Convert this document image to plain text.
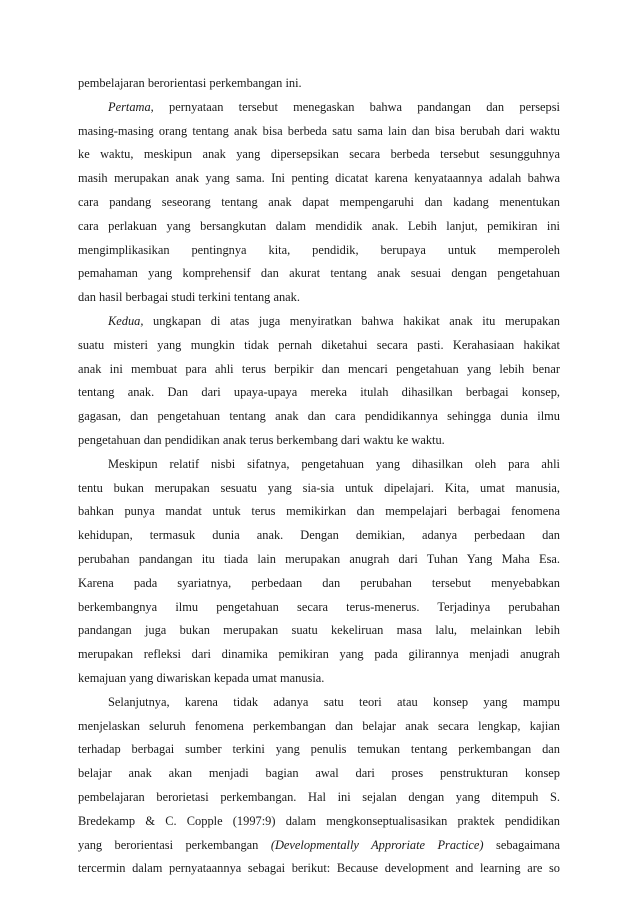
pembelajaran berorientasi perkembangan ini.
Pertama, pernyataan tersebut menegaskan bahwa pandangan dan persepsi
masing-masing orang tentang anak bisa berbeda satu sama lain dan bisa berubah dari waktu
ke waktu, meskipun anak yang dipersepsikan secara berbeda tersebut sesungguhnya
masih merupakan anak yang sama. Ini penting dicatat karena kenyataannya adalah bahwa
cara pandang seseorang tentang anak dapat mempengaruhi dan kadang menentukan
cara perlakuan yang bersangkutan dalam mendidik anak. Lebih lanjut, pemikiran ini
mengimplikasikan pentingnya kita, pendidik, berupaya untuk memperoleh
pemahaman yang komprehensif dan akurat tentang anak sesuai dengan pengetahuan
dan hasil berbagai studi terkini tentang anak.
Kedua, ungkapan di atas juga menyiratkan bahwa hakikat anak itu merupakan
suatu misteri yang mungkin tidak pernah diketahui secara pasti. Kerahasiaan hakikat
anak ini membuat para ahli terus berpikir dan mencari pengetahuan yang lebih benar
tentang anak. Dan dari upaya-upaya mereka itulah dihasilkan berbagai konsep,
gagasan, dan pengetahuan tentang anak dan cara pendidikannya sehingga dunia ilmu
pengetahuan dan pendidikan anak terus berkembang dari waktu ke waktu.
Meskipun relatif nisbi sifatnya, pengetahuan yang dihasilkan oleh para ahli
tentu bukan merupakan sesuatu yang sia-sia untuk dipelajari. Kita, umat manusia,
bahkan punya mandat untuk terus memikirkan dan mempelajari berbagai fenomena
kehidupan, termasuk dunia anak. Dengan demikian, adanya perbedaan dan
perubahan pandangan itu tiada lain merupakan anugrah dari Tuhan Yang Maha Esa.
Karena pada syariatnya, perbedaan dan perubahan tersebut menyebabkan
berkembangnya ilmu pengetahuan secara terus-menerus. Terjadinya perubahan
pandangan juga bukan merupakan suatu kekeliruan masa lalu, melainkan lebih
merupakan refleksi dari dinamika pemikiran yang pada gilirannya menjadi anugrah
kemajuan yang diwariskan kepada umat manusia.
Selanjutnya, karena tidak adanya satu teori atau konsep yang mampu
menjelaskan seluruh fenomena perkembangan dan belajar anak secara lengkap, kajian
terhadap berbagai sumber terkini yang penulis temukan tentang perkembangan dan
belajar anak akan menjadi bagian awal dari proses penstrukturan konsep
pembelajaran berorietasi perkembangan. Hal ini sejalan dengan yang ditempuh S.
Bredekamp & C. Copple (1997:9) dalam mengkonseptualisasikan praktek pendidikan
yang berorientasi perkembangan (Developmentally Approriate Practice) sebagaimana
tercermin dalam pernyataannya sebagai berikut: Because development and learning are so
